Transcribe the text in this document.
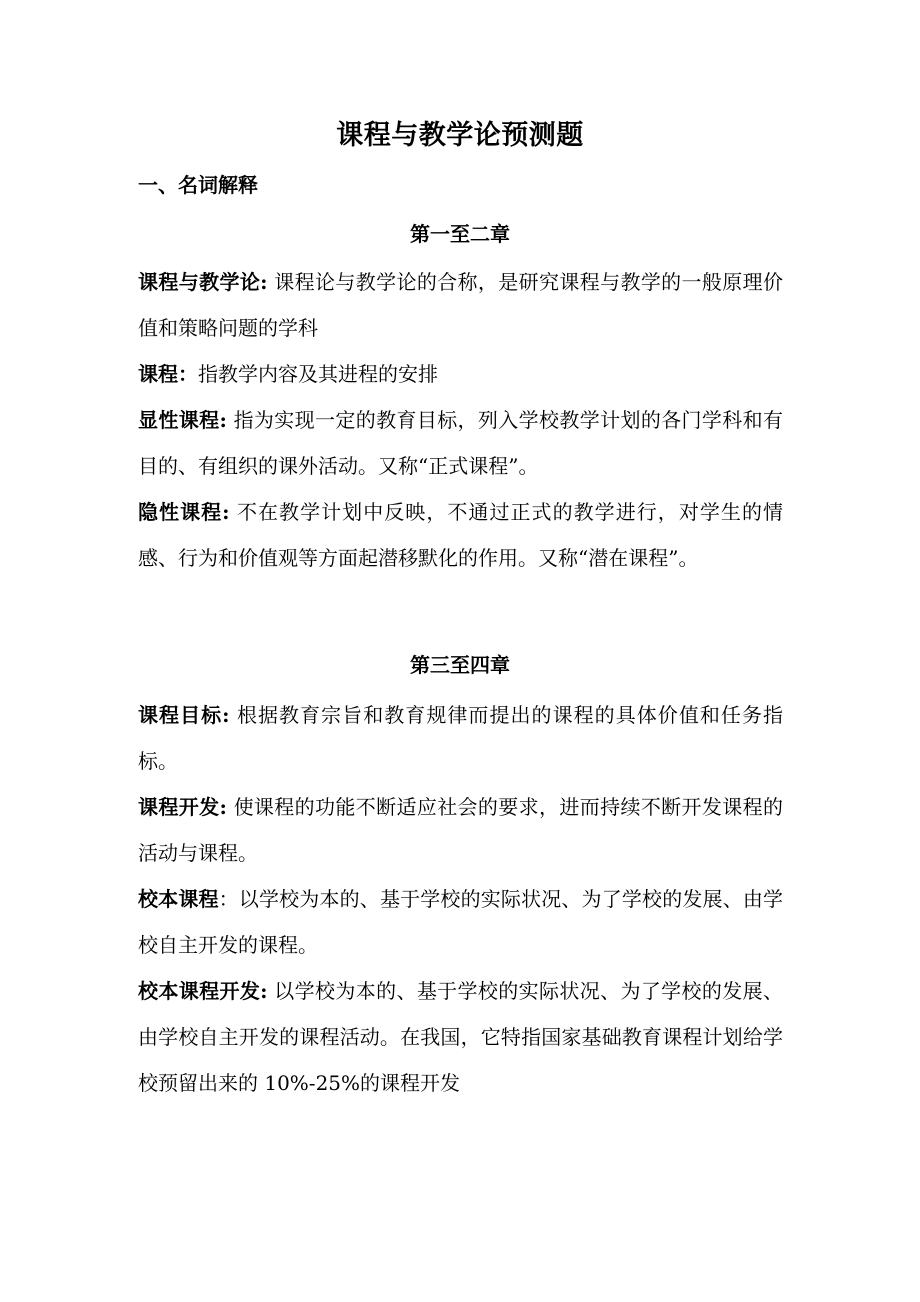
课程与教学论预测题
一、名词解释
第一至二章

课程与教学论: 课程论与教学论的合称，是研究课程与教学的一般原理价值和策略问题的学科

课程：指教学内容及其进程的安排

显性课程: 指为实现一定的教育目标，列入学校教学计划的各门学科和有目的、有组织的课外活动。又称“正式课程”。

隐性课程: 不在教学计划中反映，不通过正式的教学进行，对学生的情感、行为和价值观等方面起潜移默化的作用。又称“潜在课程”。

第三至四章

课程目标: 根据教育宗旨和教育规律而提出的课程的具体价值和任务指标。

课程开发: 使课程的功能不断适应社会的要求，进而持续不断开发课程的活动与课程。

校本课程：以学校为本的、基于学校的实际状况、为了学校的发展、由学校自主开发的课程。

校本课程开发: 以学校为本的、基于学校的实际状况、为了学校的发展、由学校自主开发的课程活动。在我国，它特指国家基础教育课程计划给学校预留出来的 10%-25%的课程开发
